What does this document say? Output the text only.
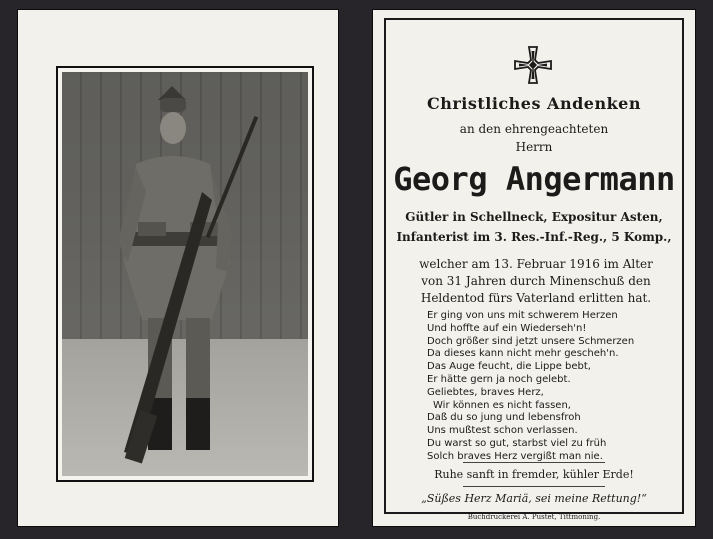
Christliches Andenken

an den ehrengeachteten

Herrn

Georg Angermann

Gütler in Schellneck, Expositur Asten,

Infanterist im 3. Res.-Inf.-Reg., 5 Komp.,

welcher am 13. Februar 1916 im Alter
von 31 Jahren durch Minenschuß den
Heldentod fürs Vaterland erlitten hat.
Er ging von uns mit schwerem Herzen
Und hoffte auf ein Wiederseh'n!
Doch größer sind jetzt unsere Schmerzen
Da dieses kann nicht mehr gescheh'n.
Das Auge feucht, die Lippe bebt,
Er hätte gern ja noch gelebt.
Geliebtes, braves Herz,
Wir können es nicht fassen,
Daß du so jung und lebensfroh
Uns mußtest schon verlassen.
Du warst so gut, starbst viel zu früh
Solch braves Herz vergißt man nie.

Ruhe sanft in fremder, kühler Erde!

„Süßes Herz Mariä, sei meine Rettung!“

Buchdruckerei A. Pustet, Tittmoning.
